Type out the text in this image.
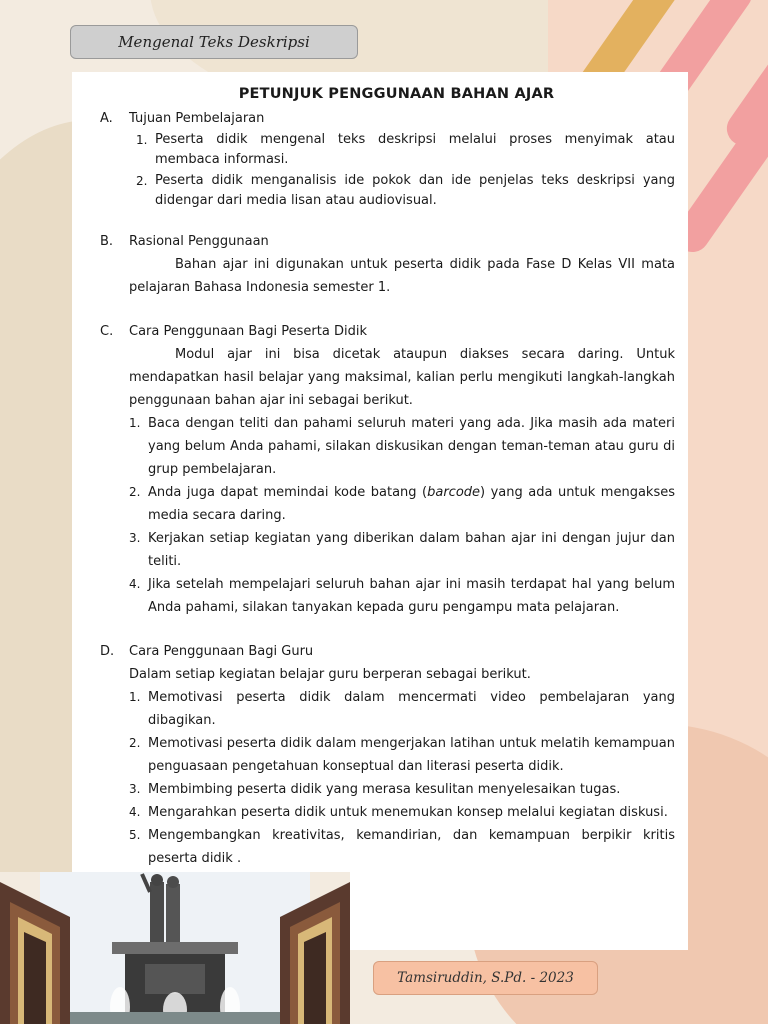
Mengenal Teks Deskripsi
PETUNJUK PENGGUNAAN BAHAN AJAR
A.	Tujuan Pembelajaran
1. Peserta didik mengenal teks deskripsi melalui proses menyimak atau membaca informasi.
2. Peserta didik menganalisis ide pokok dan ide penjelas teks deskripsi yang didengar dari media lisan atau audiovisual.
B.	Rasional Penggunaan

Bahan ajar ini digunakan untuk peserta didik pada Fase D Kelas VII mata pelajaran Bahasa Indonesia semester 1.

C.	Cara Penggunaan Bagi Peserta Didik

Modul ajar ini bisa dicetak ataupun diakses secara daring. Untuk mendapatkan hasil belajar yang maksimal, kalian perlu mengikuti langkah-langkah penggunaan bahan ajar ini sebagai berikut.

1. Baca dengan teliti dan pahami seluruh materi yang ada. Jika masih ada materi yang belum Anda pahami, silakan diskusikan dengan teman-teman atau guru di grup pembelajaran.
2. Anda juga dapat memindai kode batang (barcode) yang ada untuk mengakses media secara daring.
3. Kerjakan setiap kegiatan yang diberikan dalam bahan ajar ini dengan jujur dan teliti.
4. Jika setelah mempelajari seluruh bahan ajar ini masih terdapat hal yang belum Anda pahami, silakan tanyakan kepada guru pengampu mata pelajaran.
D.	Cara Penggunaan Bagi Guru

Dalam setiap kegiatan belajar guru berperan sebagai berikut.

1. Memotivasi peserta didik dalam mencermati video pembelajaran yang dibagikan.
2. Memotivasi peserta didik dalam mengerjakan latihan untuk melatih kemampuan penguasaan pengetahuan konseptual dan literasi peserta didik.
3. Membimbing peserta didik yang merasa kesulitan menyelesaikan tugas.
4. Mengarahkan peserta didik untuk menemukan konsep melalui kegiatan diskusi.
5. Mengembangkan kreativitas, kemandirian, dan kemampuan berpikir kritis peserta didik .
Tamsiruddin, S.Pd. - 2023
